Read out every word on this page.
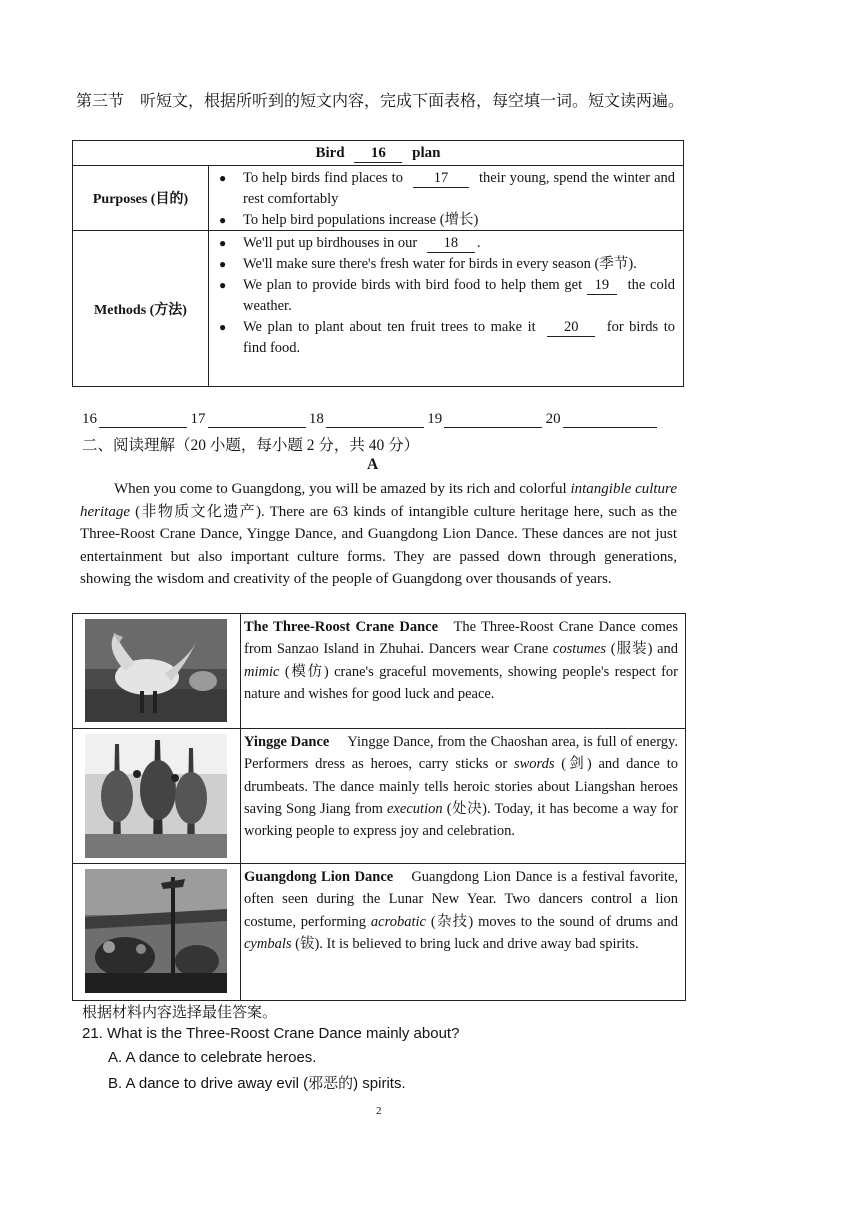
第三节　听短文，根据所听到的短文内容，完成下面表格，每空填一词。短文读两遍。
Bird 16 plan
Purposes (目的)
●	To help birds find places to 17 their young, spend the winter and rest comfortably
●	To help bird populations increase (增长)
Methods (方法)
●	We'll put up birdhouses in our 18 .
●	We'll make sure there's fresh water for birds in every season (季节).
●	We plan to provide birds with bird food to help them get 19 the cold weather.
●	We plan to plant about ten fruit trees to make it 20 for birds to find food.
16	17	18	19	20
二、阅读理解（20 小题，每小题 2 分，共 40 分）
A
When you come to Guangdong, you will be amazed by its rich and colorful intangible culture heritage (非物质文化遗产). There are 63 kinds of intangible culture heritage here, such as the Three-Roost Crane Dance, Yingge Dance, and Guangdong Lion Dance. These dances are not just entertainment but also important culture forms. They are passed down through generations, showing the wisdom and creativity of the people of Guangdong over thousands of years.
The Three-Roost Crane Dance The Three-Roost Crane Dance comes from Sanzao Island in Zhuhai. Dancers wear Crane costumes (服装) and mimic (模仿) crane's graceful movements, showing people's respect for nature and wishes for good luck and peace.
Yingge Dance Yingge Dance, from the Chaoshan area, is full of energy. Performers dress as heroes, carry sticks or swords (剑) and dance to drumbeats. The dance mainly tells heroic stories about Liangshan heroes saving Song Jiang from execution (处决). Today, it has become a way for working people to express joy and celebration.
Guangdong Lion Dance Guangdong Lion Dance is a festival favorite, often seen during the Lunar New Year. Two dancers control a lion costume, performing acrobatic (杂技) moves to the sound of drums and cymbals (钹). It is believed to bring luck and drive away bad spirits.
根据材料内容选择最佳答案。
21. What is the Three-Roost Crane Dance mainly about?
A. A dance to celebrate heroes.
B. A dance to drive away evil (邪恶的) spirits.
2
